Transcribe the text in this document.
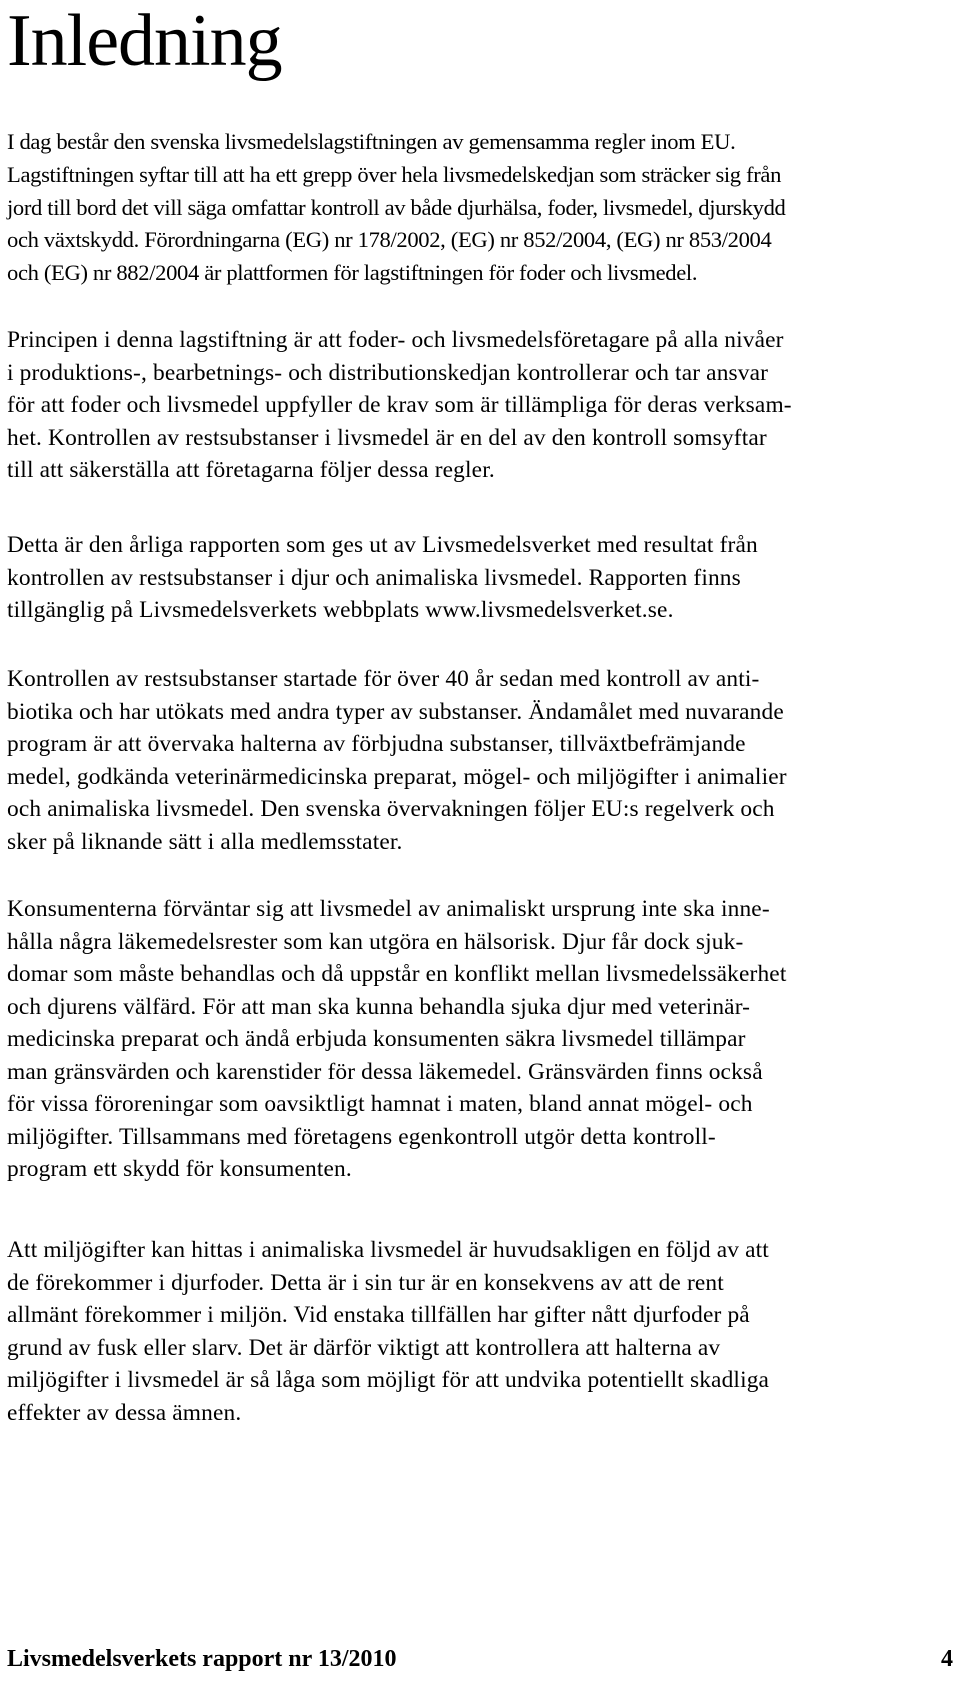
Inledning

I dag består den svenska livsmedelslagstiftningen av gemensamma regler inom EU.
Lagstiftningen syftar till att ha ett grepp över hela livsmedelskedjan som sträcker sig från
jord till bord det vill säga omfattar kontroll av både djurhälsa, foder, livsmedel, djurskydd
och växtskydd. Förordningarna (EG) nr 178/2002, (EG) nr 852/2004, (EG) nr 853/2004
och (EG) nr 882/2004 är plattformen för lagstiftningen för foder och livsmedel.

Principen i denna lagstiftning är att foder- och livsmedelsföretagare på alla nivåer
i produktions-, bearbetnings- och distributionskedjan kontrollerar och tar ansvar
för att foder och livsmedel uppfyller de krav som är tillämpliga för deras verksam-
het. Kontrollen av restsubstanser i livsmedel är en del av den kontroll somsyftar
till att säkerställa att företagarna följer dessa regler.

Detta är den årliga rapporten som ges ut av Livsmedelsverket med resultat från
kontrollen av restsubstanser i djur och animaliska livsmedel. Rapporten finns
tillgänglig på Livsmedelsverkets webbplats www.livsmedelsverket.se.

Kontrollen av restsubstanser startade för över 40 år sedan med kontroll av anti-
biotika och har utökats med andra typer av substanser. Ändamålet med nuvarande
program är att övervaka halterna av förbjudna substanser, tillväxtbefrämjande
medel, godkända veterinärmedicinska preparat, mögel- och miljögifter i animalier
och animaliska livsmedel. Den svenska övervakningen följer EU:s regelverk och
sker på liknande sätt i alla medlemsstater.

Konsumenterna förväntar sig att livsmedel av animaliskt ursprung inte ska inne-
hålla några läkemedelsrester som kan utgöra en hälsorisk. Djur får dock sjuk-
domar som måste behandlas och då uppstår en konflikt mellan livsmedelssäkerhet
och djurens välfärd. För att man ska kunna behandla sjuka djur med veterinär-
medicinska preparat och ändå erbjuda konsumenten säkra livsmedel tillämpar
man gränsvärden och karenstider för dessa läkemedel. Gränsvärden finns också
för vissa föroreningar som oavsiktligt hamnat i maten, bland annat mögel- och
miljögifter. Tillsammans med företagens egenkontroll utgör detta kontroll-
program ett skydd för konsumenten.

Att miljögifter kan hittas i animaliska livsmedel är huvudsakligen en följd av att
de förekommer i djurfoder. Detta är i sin tur är en konsekvens av att de rent
allmänt förekommer i miljön. Vid enstaka tillfällen har gifter nått djurfoder på
grund av fusk eller slarv. Det är därför viktigt att kontrollera att halterna av
miljögifter i livsmedel är så låga som möjligt för att undvika potentiellt skadliga
effekter av dessa ämnen.

Livsmedelsverkets rapport nr 13/2010	4
